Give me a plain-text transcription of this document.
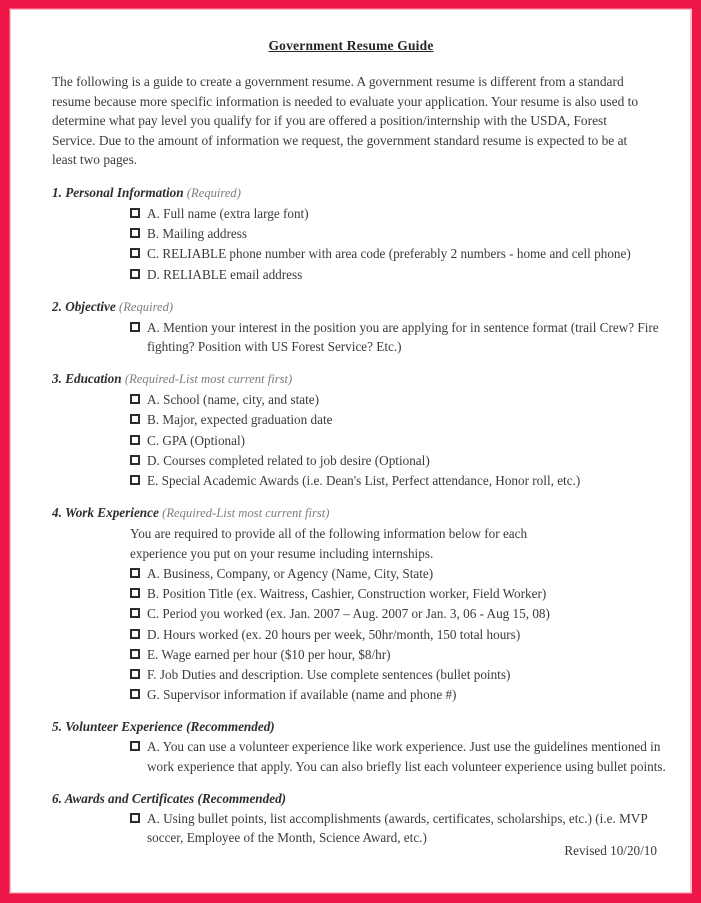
Government Resume Guide

The following is a guide to create a government resume. A government resume is different from a standard resume because more specific information is needed to evaluate your application. Your resume is also used to determine what pay level you qualify for if you are offered a position/internship with the USDA, Forest Service. Due to the amount of information we request, the government standard resume is expected to be at least two pages.

1. Personal Information (Required)
A. Full name (extra large font)
B. Mailing address
C. RELIABLE phone number with area code (preferably 2 numbers - home and cell phone)
D. RELIABLE email address
2. Objective (Required)
A. Mention your interest in the position you are applying for in sentence format (trail Crew? Fire fighting? Position with US Forest Service? Etc.)
3. Education (Required-List most current first)
A. School (name, city, and state)
B. Major, expected graduation date
C. GPA (Optional)
D. Courses completed related to job desire (Optional)
E. Special Academic Awards (i.e. Dean's List, Perfect attendance, Honor roll, etc.)
4. Work Experience (Required-List most current first)
You are required to provide all of the following information below for each experience you put on your resume including internships.
A. Business, Company, or Agency (Name, City, State)
B. Position Title (ex. Waitress, Cashier, Construction worker, Field Worker)
C. Period you worked (ex. Jan. 2007 – Aug. 2007 or Jan. 3, 06 - Aug 15, 08)
D. Hours worked (ex. 20 hours per week, 50hr/month, 150 total hours)
E. Wage earned per hour ($10 per hour, $8/hr)
F. Job Duties and description. Use complete sentences (bullet points)
G. Supervisor information if available (name and phone #)
5. Volunteer Experience (Recommended)
A. You can use a volunteer experience like work experience. Just use the guidelines mentioned in work experience that apply. You can also briefly list each volunteer experience using bullet points.
6. Awards and Certificates (Recommended)
A. Using bullet points, list accomplishments (awards, certificates, scholarships, etc.) (i.e. MVP soccer, Employee of the Month, Science Award, etc.)
Revised 10/20/10
